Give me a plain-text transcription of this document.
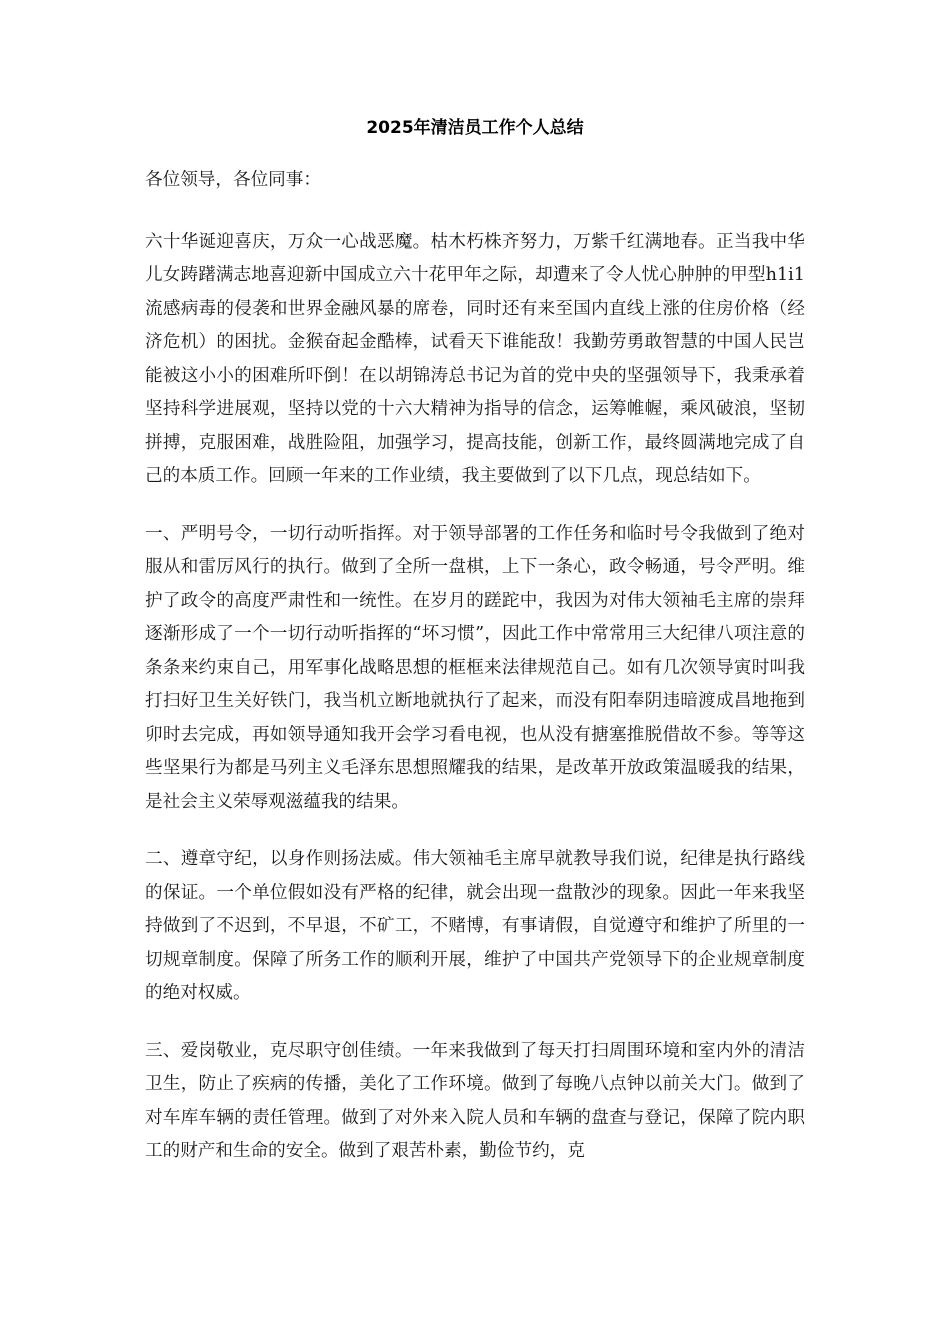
2025年清洁员工作个人总结

各位领导，各位同事：

六十华诞迎喜庆，万众一心战恶魔。枯木朽株齐努力，万紫千红满地春。正当我中华儿女踌躇满志地喜迎新中国成立六十花甲年之际，却遭来了令人忧心肿肿的甲型h1i1流感病毒的侵袭和世界金融风暴的席卷，同时还有来至国内直线上涨的住房价格（经济危机）的困扰。金猴奋起金酷棒，试看天下谁能敌！我勤劳勇敢智慧的中国人民岂能被这小小的困难所吓倒！在以胡锦涛总书记为首的党中央的坚强领导下，我秉承着坚持科学进展观，坚持以党的十六大精神为指导的信念，运筹帷幄，乘风破浪，坚韧拼搏，克服困难，战胜险阻，加强学习，提高技能，创新工作，最终圆满地完成了自己的本质工作。回顾一年来的工作业绩，我主要做到了以下几点，现总结如下。

一、严明号令，一切行动听指挥。对于领导部署的工作任务和临时号令我做到了绝对服从和雷厉风行的执行。做到了全所一盘棋，上下一条心，政令畅通，号令严明。维护了政令的高度严肃性和一统性。在岁月的蹉跎中，我因为对伟大领袖毛主席的崇拜逐渐形成了一个一切行动听指挥的“坏习惯”，因此工作中常常用三大纪律八项注意的条条来约束自己，用军事化战略思想的框框来法律规范自己。如有几次领导寅时叫我打扫好卫生关好铁门，我当机立断地就执行了起来，而没有阳奉阴违暗渡成昌地拖到卯时去完成，再如领导通知我开会学习看电视，也从没有搪塞推脱借故不参。等等这些坚果行为都是马列主义毛泽东思想照耀我的结果，是改革开放政策温暖我的结果，是社会主义荣辱观滋蕴我的结果。

二、遵章守纪，以身作则扬法威。伟大领袖毛主席早就教导我们说，纪律是执行路线的保证。一个单位假如没有严格的纪律，就会出现一盘散沙的现象。因此一年来我坚持做到了不迟到，不早退，不矿工，不赌博，有事请假，自觉遵守和维护了所里的一切规章制度。保障了所务工作的顺利开展，维护了中国共产党领导下的企业规章制度的绝对权威。

三、爱岗敬业，克尽职守创佳绩。一年来我做到了每天打扫周围环境和室内外的清洁卫生，防止了疾病的传播，美化了工作环境。做到了每晚八点钟以前关大门。做到了对车库车辆的责任管理。做到了对外来入院人员和车辆的盘查与登记，保障了院内职工的财产和生命的安全。做到了艰苦朴素，勤俭节约，克
